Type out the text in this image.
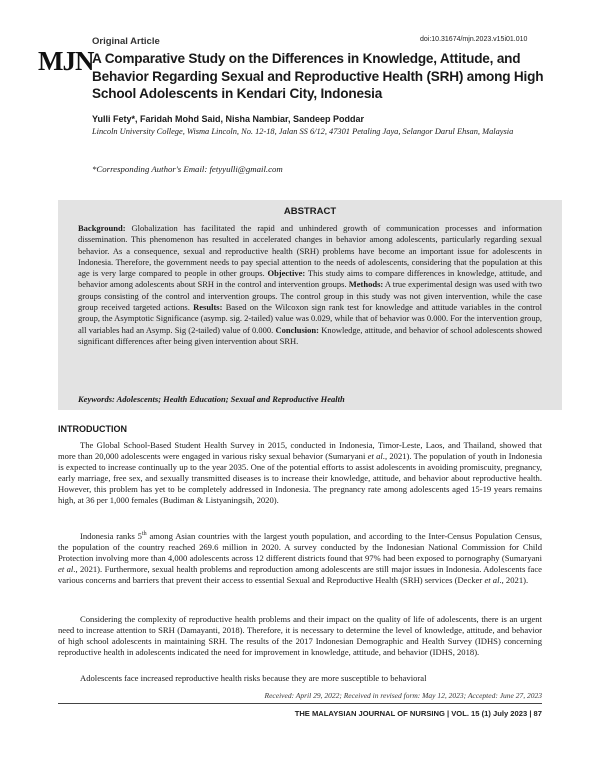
MJN
Original Article	doi:10.31674/mjn.2023.v15i01.010
A Comparative Study on the Differences in Knowledge, Attitude, and Behavior Regarding Sexual and Reproductive Health (SRH) among High School Adolescents in Kendari City, Indonesia
Yulli Fety*, Faridah Mohd Said, Nisha Nambiar, Sandeep Poddar
Lincoln University College, Wisma Lincoln, No. 12-18, Jalan SS 6/12, 47301 Petaling Jaya, Selangor Darul Ehsan, Malaysia
*Corresponding Author's Email: fetyyulli@gmail.com
ABSTRACT
Background: Globalization has facilitated the rapid and unhindered growth of communication processes and information dissemination. This phenomenon has resulted in accelerated changes in behavior among adolescents, particularly regarding sexual behavior. As a consequence, sexual and reproductive health (SRH) problems have become an important issue for adolescents in Indonesia. Therefore, the government needs to pay special attention to the needs of adolescents, considering that the population at this age is very large compared to people in other groups. Objective: This study aims to compare differences in knowledge, attitude, and behavior among adolescents about SRH in the control and intervention groups. Methods: A true experimental design was used with two groups consisting of the control and intervention groups. The control group in this study was not given intervention, while the case group received targeted actions. Results: Based on the Wilcoxon sign rank test for knowledge and attitude variables in the control group, the Asymptotic Significance (asymp. sig. 2-tailed) value was 0.029, while that of behavior was 0.000. For the intervention group, all variables had an Asymp. Sig (2-tailed) value of 0.000. Conclusion: Knowledge, attitude, and behavior of school adolescents showed significant differences after being given intervention about SRH.
Keywords: Adolescents; Health Education; Sexual and Reproductive Health
INTRODUCTION

The Global School-Based Student Health Survey in 2015, conducted in Indonesia, Timor-Leste, Laos, and Thailand, showed that more than 20,000 adolescents were engaged in various risky sexual behavior (Sumaryani et al., 2021). The population of youth in Indonesia is expected to increase continually up to the year 2035. One of the potential efforts to assist adolescents in avoiding promiscuity, pregnancy, early marriage, free sex, and sexually transmitted diseases is to increase their knowledge, attitude, and behavior about reproductive health. However, this problem has yet to be completely addressed in Indonesia. The pregnancy rate among adolescents aged 15-19 years remains high, at 36 per 1,000 females (Budiman & Listyaningsih, 2020).

Indonesia ranks 5th among Asian countries with the largest youth population, and according to the Inter-Census Population Census, the population of the country reached 269.6 million in 2020. A survey conducted by the Indonesian National Commission for Child Protection involving more than 4,000 adolescents across 12 different districts found that 97% had been exposed to pornography (Sumaryani et al., 2021). Furthermore, sexual health problems and reproduction among adolescents are still major issues in Indonesia. Adolescents face various concerns and barriers that prevent their access to essential Sexual and Reproductive Health (SRH) services (Decker et al., 2021).

Considering the complexity of reproductive health problems and their impact on the quality of life of adolescents, there is an urgent need to increase attention to SRH (Damayanti, 2018). Therefore, it is necessary to determine the level of knowledge, attitude, and behavior of high school adolescents in maintaining SRH. The results of the 2017 Indonesian Demographic and Health Survey (IDHS) concerning reproductive health in adolescents indicated the need for improvement in knowledge, attitude, and behavior (IDHS, 2018).

Adolescents face increased reproductive health risks because they are more susceptible to behavioral

Received: April 29, 2022; Received in revised form: May 12, 2023; Accepted: June 27, 2023
THE MALAYSIAN JOURNAL OF NURSING | VOL. 15 (1) July 2023 | 87
